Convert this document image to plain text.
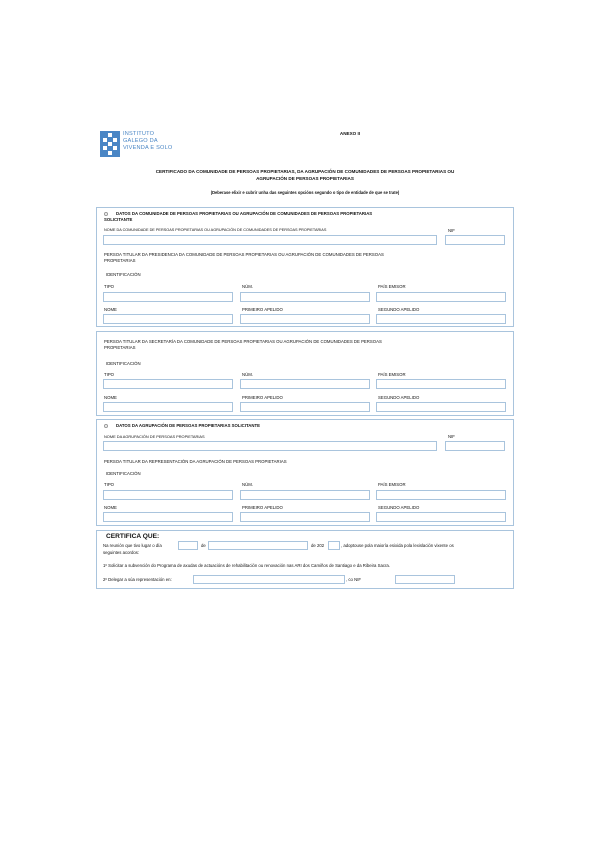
INSTITUTO
GALEGO DA
VIVENDA E SOLO
ANEXO II
CERTIFICADO DA COMUNIDADE DE PERSOAS PROPIETARIAS, DA AGRUPACIÓN DE COMUNIDADES DE PERSOAS PROPIETARIAS OU
AGRUPACIÓN DE PERSOAS PROPIETARIAS
(Deberase elixir e cubrir unha das seguintes opcións segundo o tipo de entidade de que se trate)
DATOS DA COMUNIDADE DE PERSOAS PROPIETARIAS OU AGRUPACIÓN DE COMUNIDADES DE PERSOAS PROPIETARIAS
SOLICITANTE
NOME DA COMUNIDADE DE PERSOAS PROPIETARIAS OU AGRUPACIÓN DE COMUNIDADES DE PERSOAS PROPIETARIAS	NIF
PERSOA TITULAR DA PRESIDENCIA DA COMUNIDADE DE PERSOAS PROPIETARIAS OU AGRUPACIÓN DE COMUNIDADES DE PERSOAS
PROPIETARIAS
IDENTIFICACIÓN
TIPO	NÚM.	PAÍS EMISOR
NOME	PRIMEIRO APELIDO	SEGUNDO APELIDO
PERSOA TITULAR DA SECRETARÍA DA COMUNIDADE DE PERSOAS PROPIETARIAS OU AGRUPACIÓN DE COMUNIDADES DE PERSOAS
PROPIETARIAS
IDENTIFICACIÓN
TIPO	NÚM.	PAÍS EMISOR
NOME	PRIMEIRO APELIDO	SEGUNDO APELIDO
DATOS DA AGRUPACIÓN DE PERSOAS PROPIETARIAS SOLICITANTE
NOME DA AGRUPACIÓN DE PERSOAS PROPIETARIAS	NIF
PERSOA TITULAR DA REPRESENTACIÓN DA AGRUPACIÓN DE PERSOAS PROPIETARIAS
IDENTIFICACIÓN
TIPO	NÚM.	PAÍS EMISOR
NOME	PRIMEIRO APELIDO	SEGUNDO APELIDO
CERTIFICA QUE:
Na reunión que tivo lugar o día	de	de 202	, adoptouse pola maioría esixida pola lexislación vixente os
seguintes acordos:
1º Solicitar a subvención do Programa de axudas de actuacións de rehabilitación ou renovación nas ARI dos Camiños de Santiago e da Ribeira Sacra.
2º Delegar a súa representación en:	, co NIF
